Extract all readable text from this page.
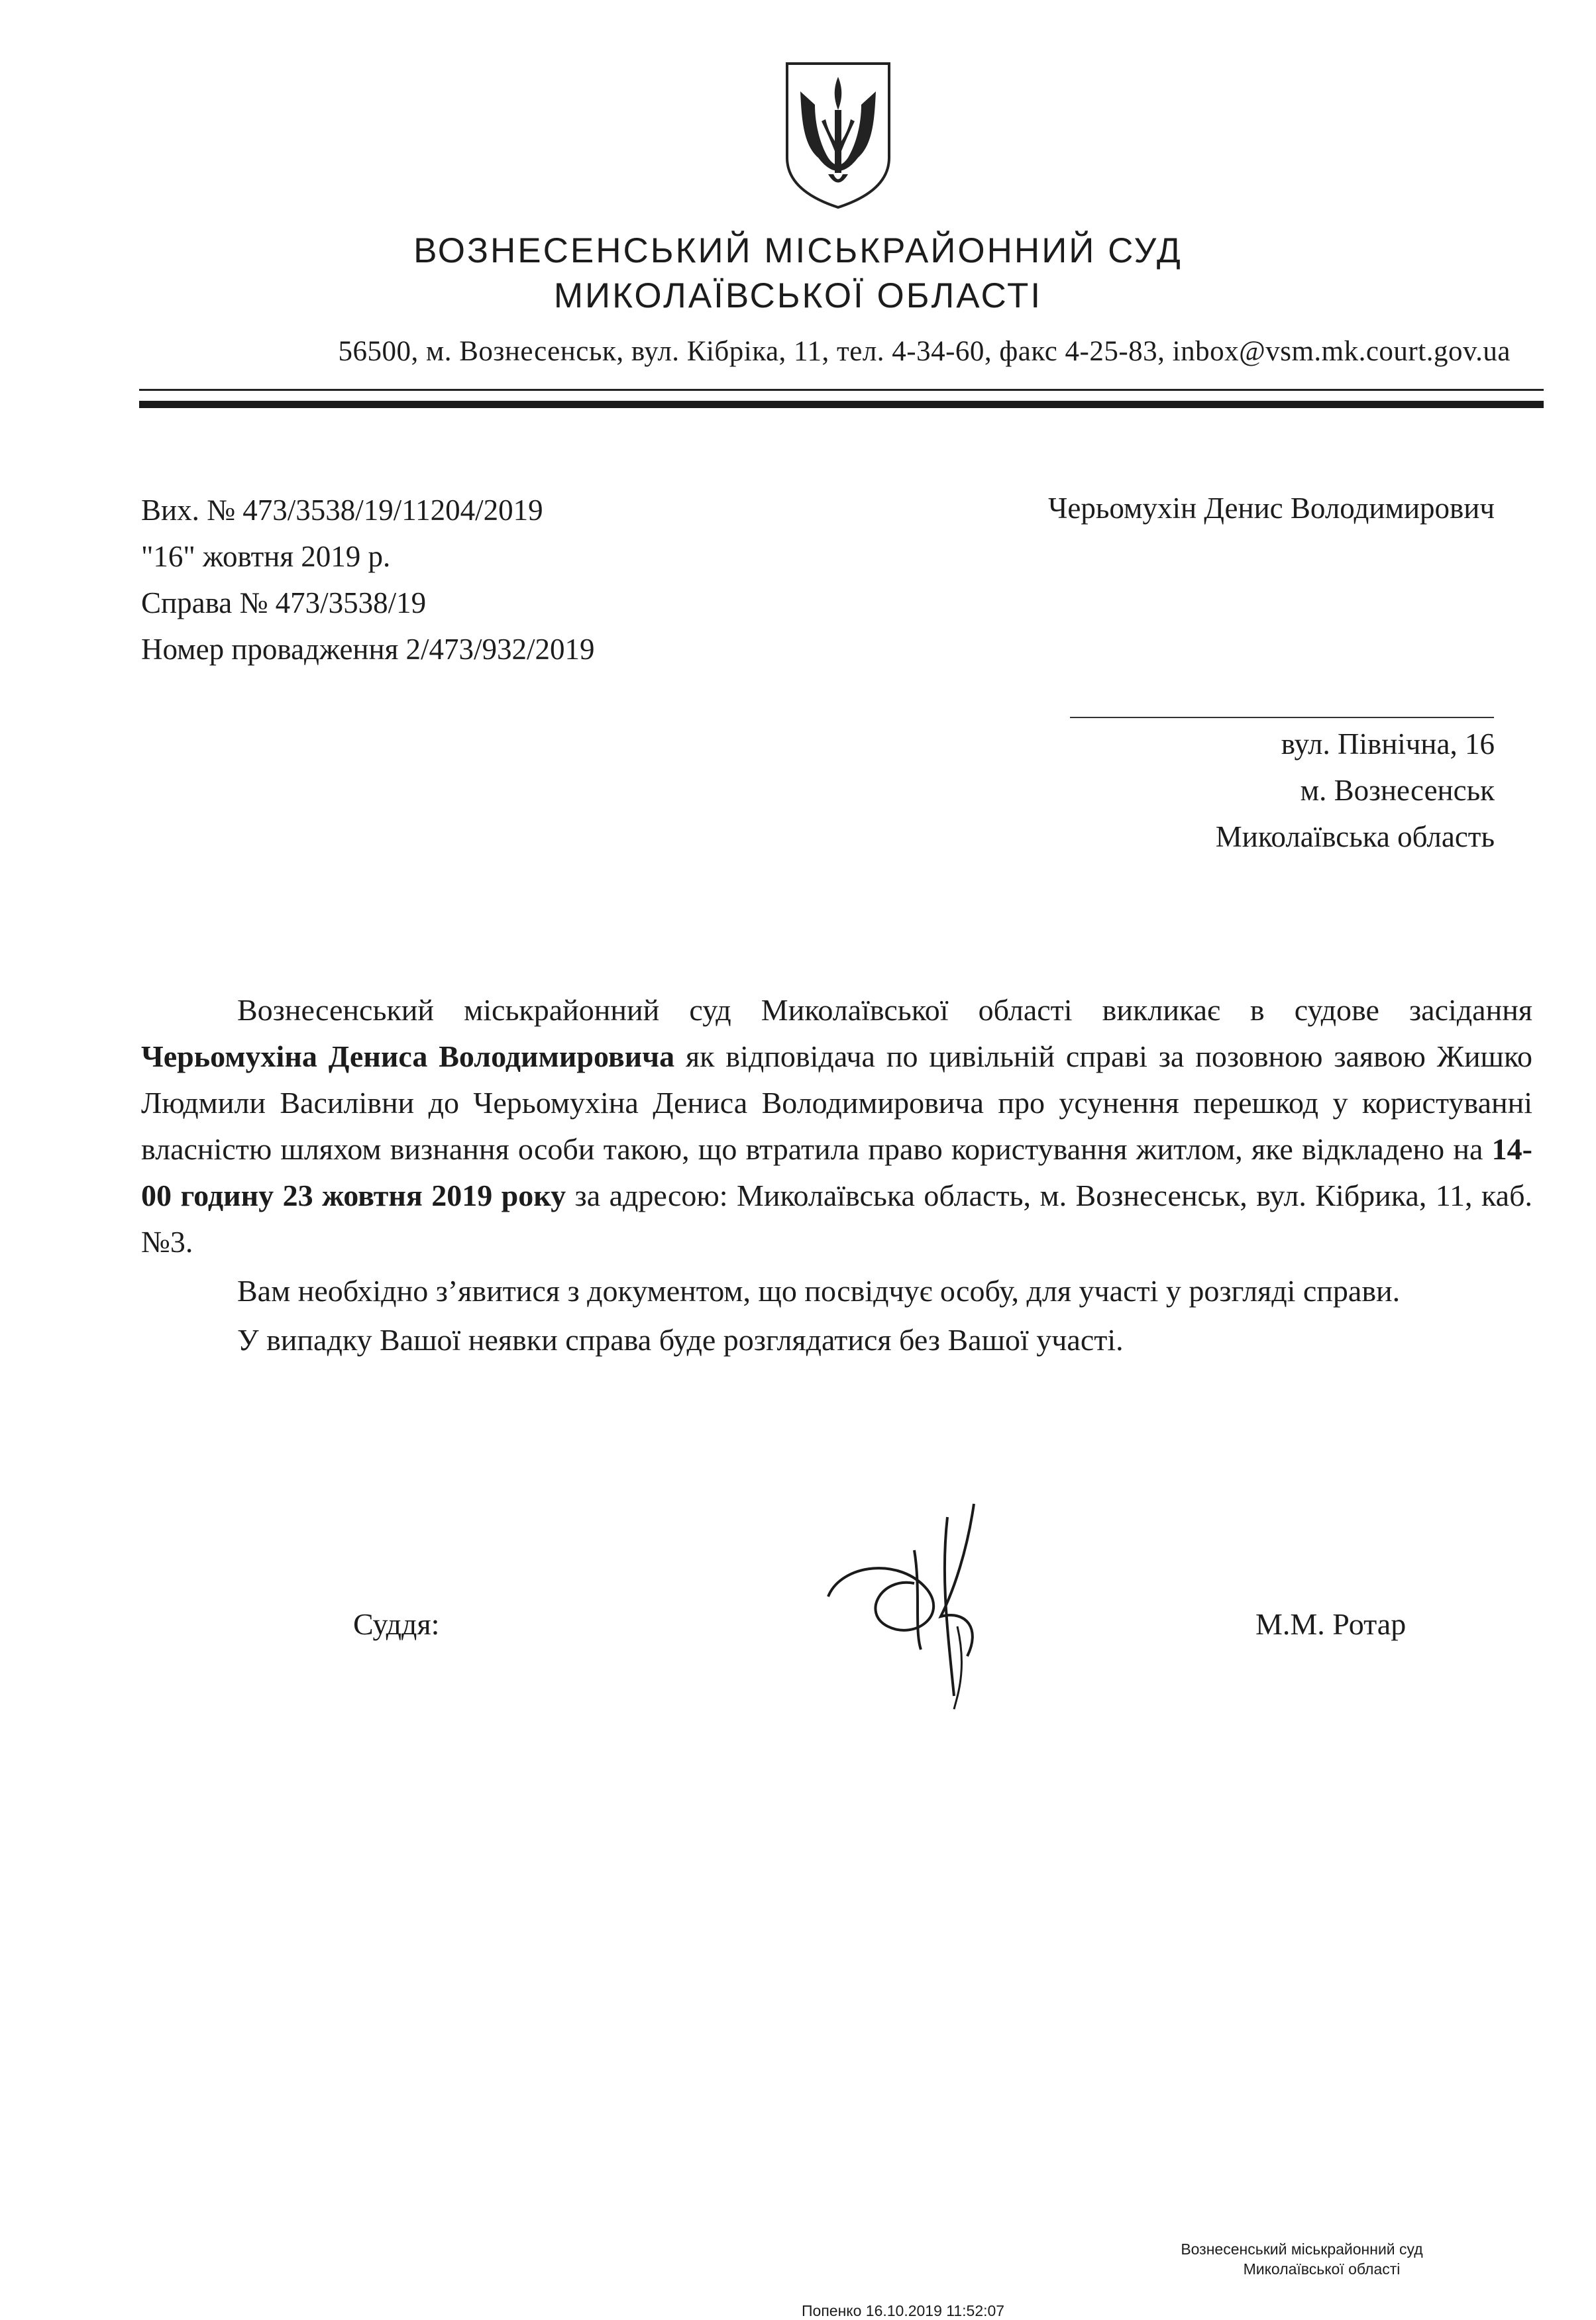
ВОЗНЕСЕНСЬКИЙ МІСЬКРАЙОННИЙ СУД
МИКОЛАЇВСЬКОЇ ОБЛАСТІ
56500, м. Вознесенськ, вул. Кібріка, 11, тел. 4-34-60, факс 4-25-83, inbox@vsm.mk.court.gov.ua
Вих. № 473/3538/19/11204/2019
"16" жовтня 2019 р.
Справа № 473/3538/19
Номер провадження 2/473/932/2019
Черьомухін Денис Володимирович
вул. Північна, 16
м. Вознесенськ
Миколаївська область

Вознесенський міськрайонний суд Миколаївської області викликає в судове засідання Черьомухіна Дениса Володимировича як відповідача по цивільній справі за позовною заявою Жишко Людмили Василівни до Черьомухіна Дениса Володимировича про усунення перешкод у користуванні власністю шляхом визнання особи такою, що втратила право користування житлом, яке відкладено на 14-00 годину 23 жовтня 2019 року за адресою: Миколаївська область, м. Вознесенськ, вул. Кібрика, 11, каб. №3.

Вам необхідно з’явитися з документом, що посвідчує особу, для участі у розгляді справи.

У випадку Вашої неявки справа буде розглядатися без Вашої участі.

Суддя:	М.М. Ротар
Вознесенський міськрайонний суд
Миколаївської області
Попенко 16.10.2019 11:52:07
